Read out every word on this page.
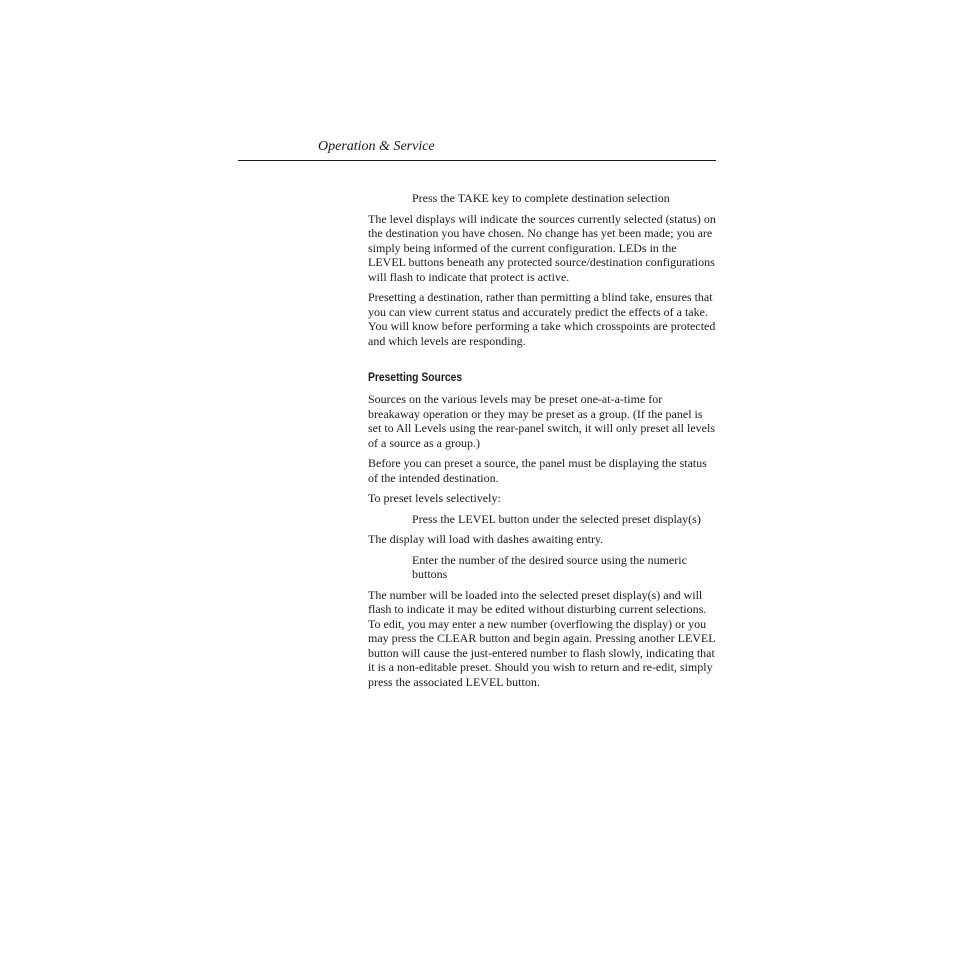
Operation & Service

Press the TAKE key to complete destination selection

The level displays will indicate the sources currently selected (status) on the destination you have chosen. No change has yet been made; you are simply being informed of the current configuration. LEDs in the LEVEL buttons beneath any protected source/destination configurations will flash to indicate that protect is active.

Presetting a destination, rather than permitting a blind take, ensures that you can view current status and accurately predict the effects of a take. You will know before performing a take which crosspoints are protected and which levels are responding.

Presetting Sources

Sources on the various levels may be preset one-at-a-time for breakaway operation or they may be preset as a group. (If the panel is set to All Levels using the rear-panel switch, it will only preset all levels of a source as a group.)

Before you can preset a source, the panel must be displaying the status of the intended destination.

To preset levels selectively:

Press the LEVEL button under the selected preset display(s)

The display will load with dashes awaiting entry.

Enter the number of the desired source using the numeric buttons

The number will be loaded into the selected preset display(s) and will flash to indicate it may be edited without disturbing current selections. To edit, you may enter a new number (overflowing the display) or you may press the CLEAR button and begin again. Pressing another LEVEL button will cause the just-entered number to flash slowly, indicating that it is a non-editable preset. Should you wish to return and re-edit, simply press the associated LEVEL button.
